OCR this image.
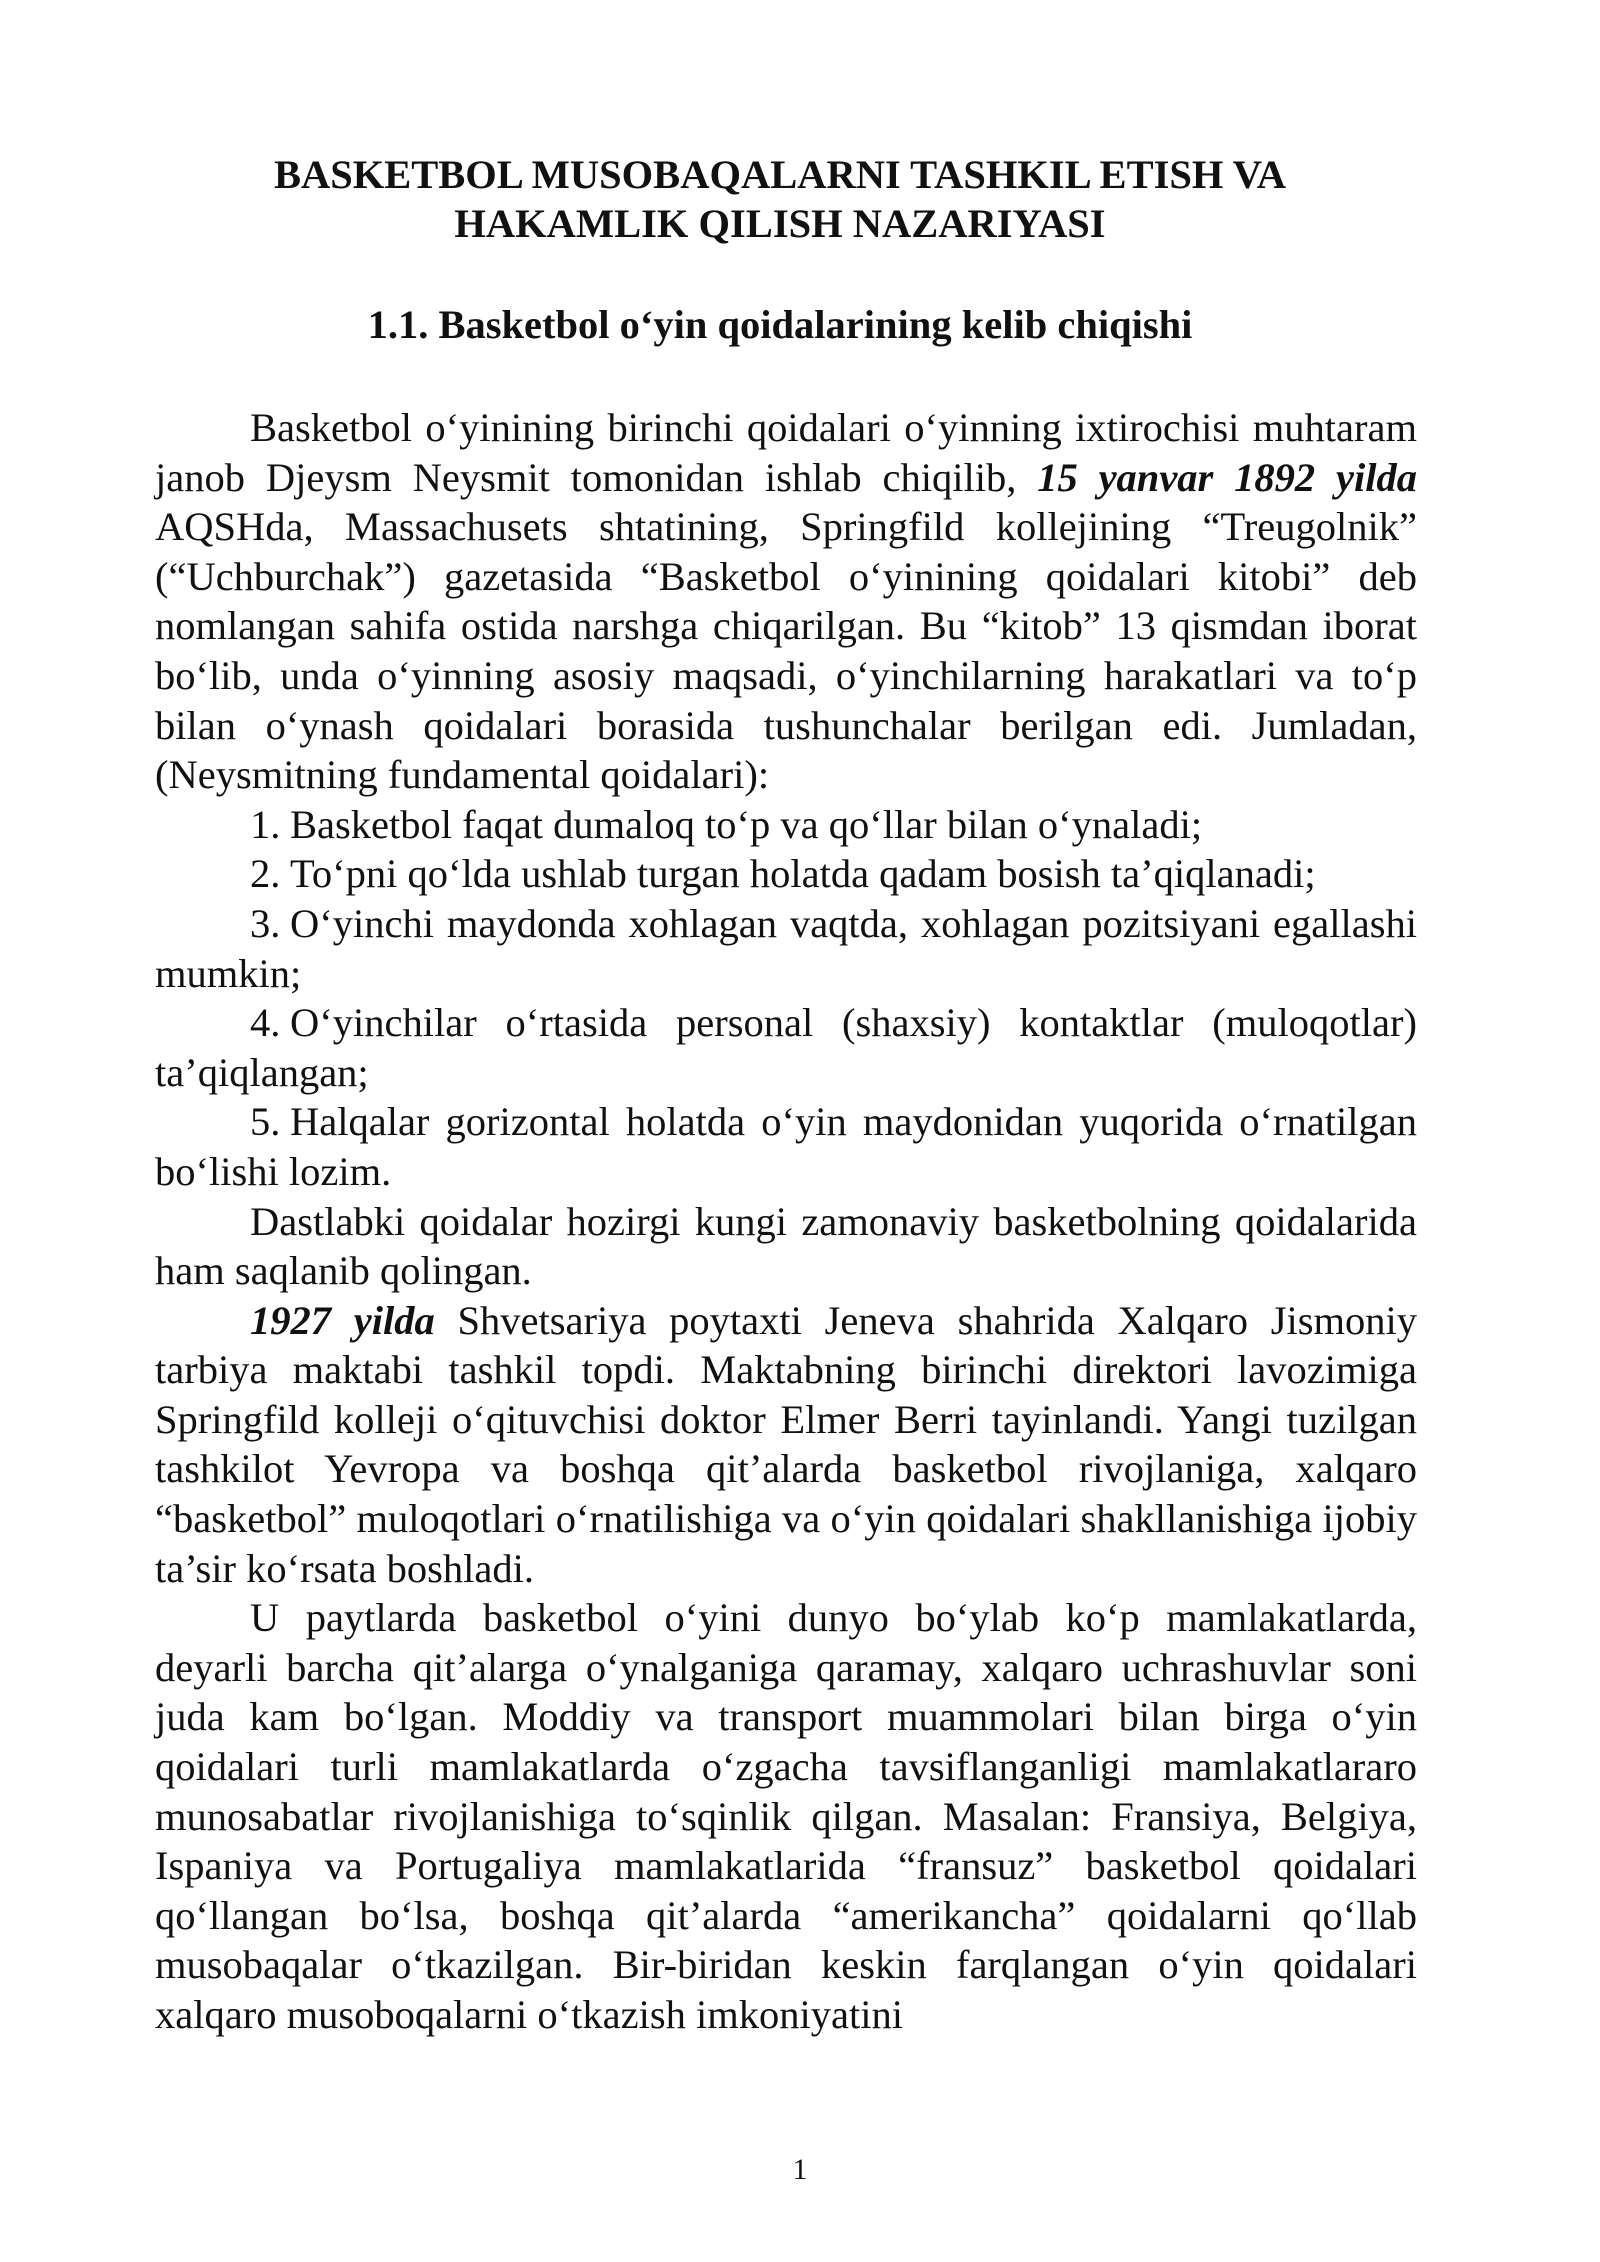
BASKETBOL MUSOBAQALARNI TASHKIL ETISH VA
HAKAMLIK QILISH NAZARIYASI
1.1. Basketbol o‘yin qoidalarining kelib chiqishi

Basketbol o‘yinining birinchi qoidalari o‘yinning ixtirochisi muhtaram janob Djeysm Neysmit tomonidan ishlab chiqilib, 15 yanvar 1892 yilda AQSHda, Massachusets shtatining, Springfild kollejining “Treugolnik” (“Uchburchak”) gazetasida “Basketbol o‘yinining qoidalari kitobi” deb nomlangan sahifa ostida narshga chiqarilgan. Bu “kitob” 13 qismdan iborat bo‘lib, unda o‘yinning asosiy maqsadi, o‘yinchilarning harakatlari va to‘p bilan o‘ynash qoidalari borasida tushunchalar berilgan edi. Jumladan, (Neysmitning fundamental qoidalari):

1. Basketbol faqat dumaloq to‘p va qo‘llar bilan o‘ynaladi;

2. To‘pni qo‘lda ushlab turgan holatda qadam bosish ta’qiqlanadi;

3. O‘yinchi maydonda xohlagan vaqtda, xohlagan pozitsiyani egallashi mumkin;

4. O‘yinchilar o‘rtasida personal (shaxsiy) kontaktlar (muloqotlar) ta’qiqlangan;

5. Halqalar gorizontal holatda o‘yin maydonidan yuqorida o‘rnatilgan bo‘lishi lozim.

Dastlabki qoidalar hozirgi kungi zamonaviy basketbolning qoidalarida ham saqlanib qolingan.

1927 yilda Shvetsariya poytaxti Jeneva shahrida Xalqaro Jismoniy tarbiya maktabi tashkil topdi. Maktabning birinchi direktori lavozimiga Springfild kolleji o‘qituvchisi doktor Elmer Berri tayinlandi. Yangi tuzilgan tashkilot Yevropa va boshqa qit’alarda basketbol rivojlaniga, xalqaro “basketbol” muloqotlari o‘rnatilishiga va o‘yin qoidalari shakllanishiga ijobiy ta’sir ko‘rsata boshladi.

U paytlarda basketbol o‘yini dunyo bo‘ylab ko‘p mamlakatlarda, deyarli barcha qit’alarga o‘ynalganiga qaramay, xalqaro uchrashuvlar soni juda kam bo‘lgan. Moddiy va transport muammolari bilan birga o‘yin qoidalari turli mamlakatlarda o‘zgacha tavsiflanganligi mamlakatlararo munosabatlar rivojlanishiga to‘sqinlik qilgan. Masalan: Fransiya, Belgiya, Ispaniya va Portugaliya mamlakatlarida “fransuz” basketbol qoidalari qo‘llangan bo‘lsa, boshqa qit’alarda “amerikancha” qoidalarni qo‘llab musobaqalar o‘tkazilgan. Bir-biridan keskin farqlangan o‘yin qoidalari xalqaro musoboqalarni o‘tkazish imkoniyatini

1
